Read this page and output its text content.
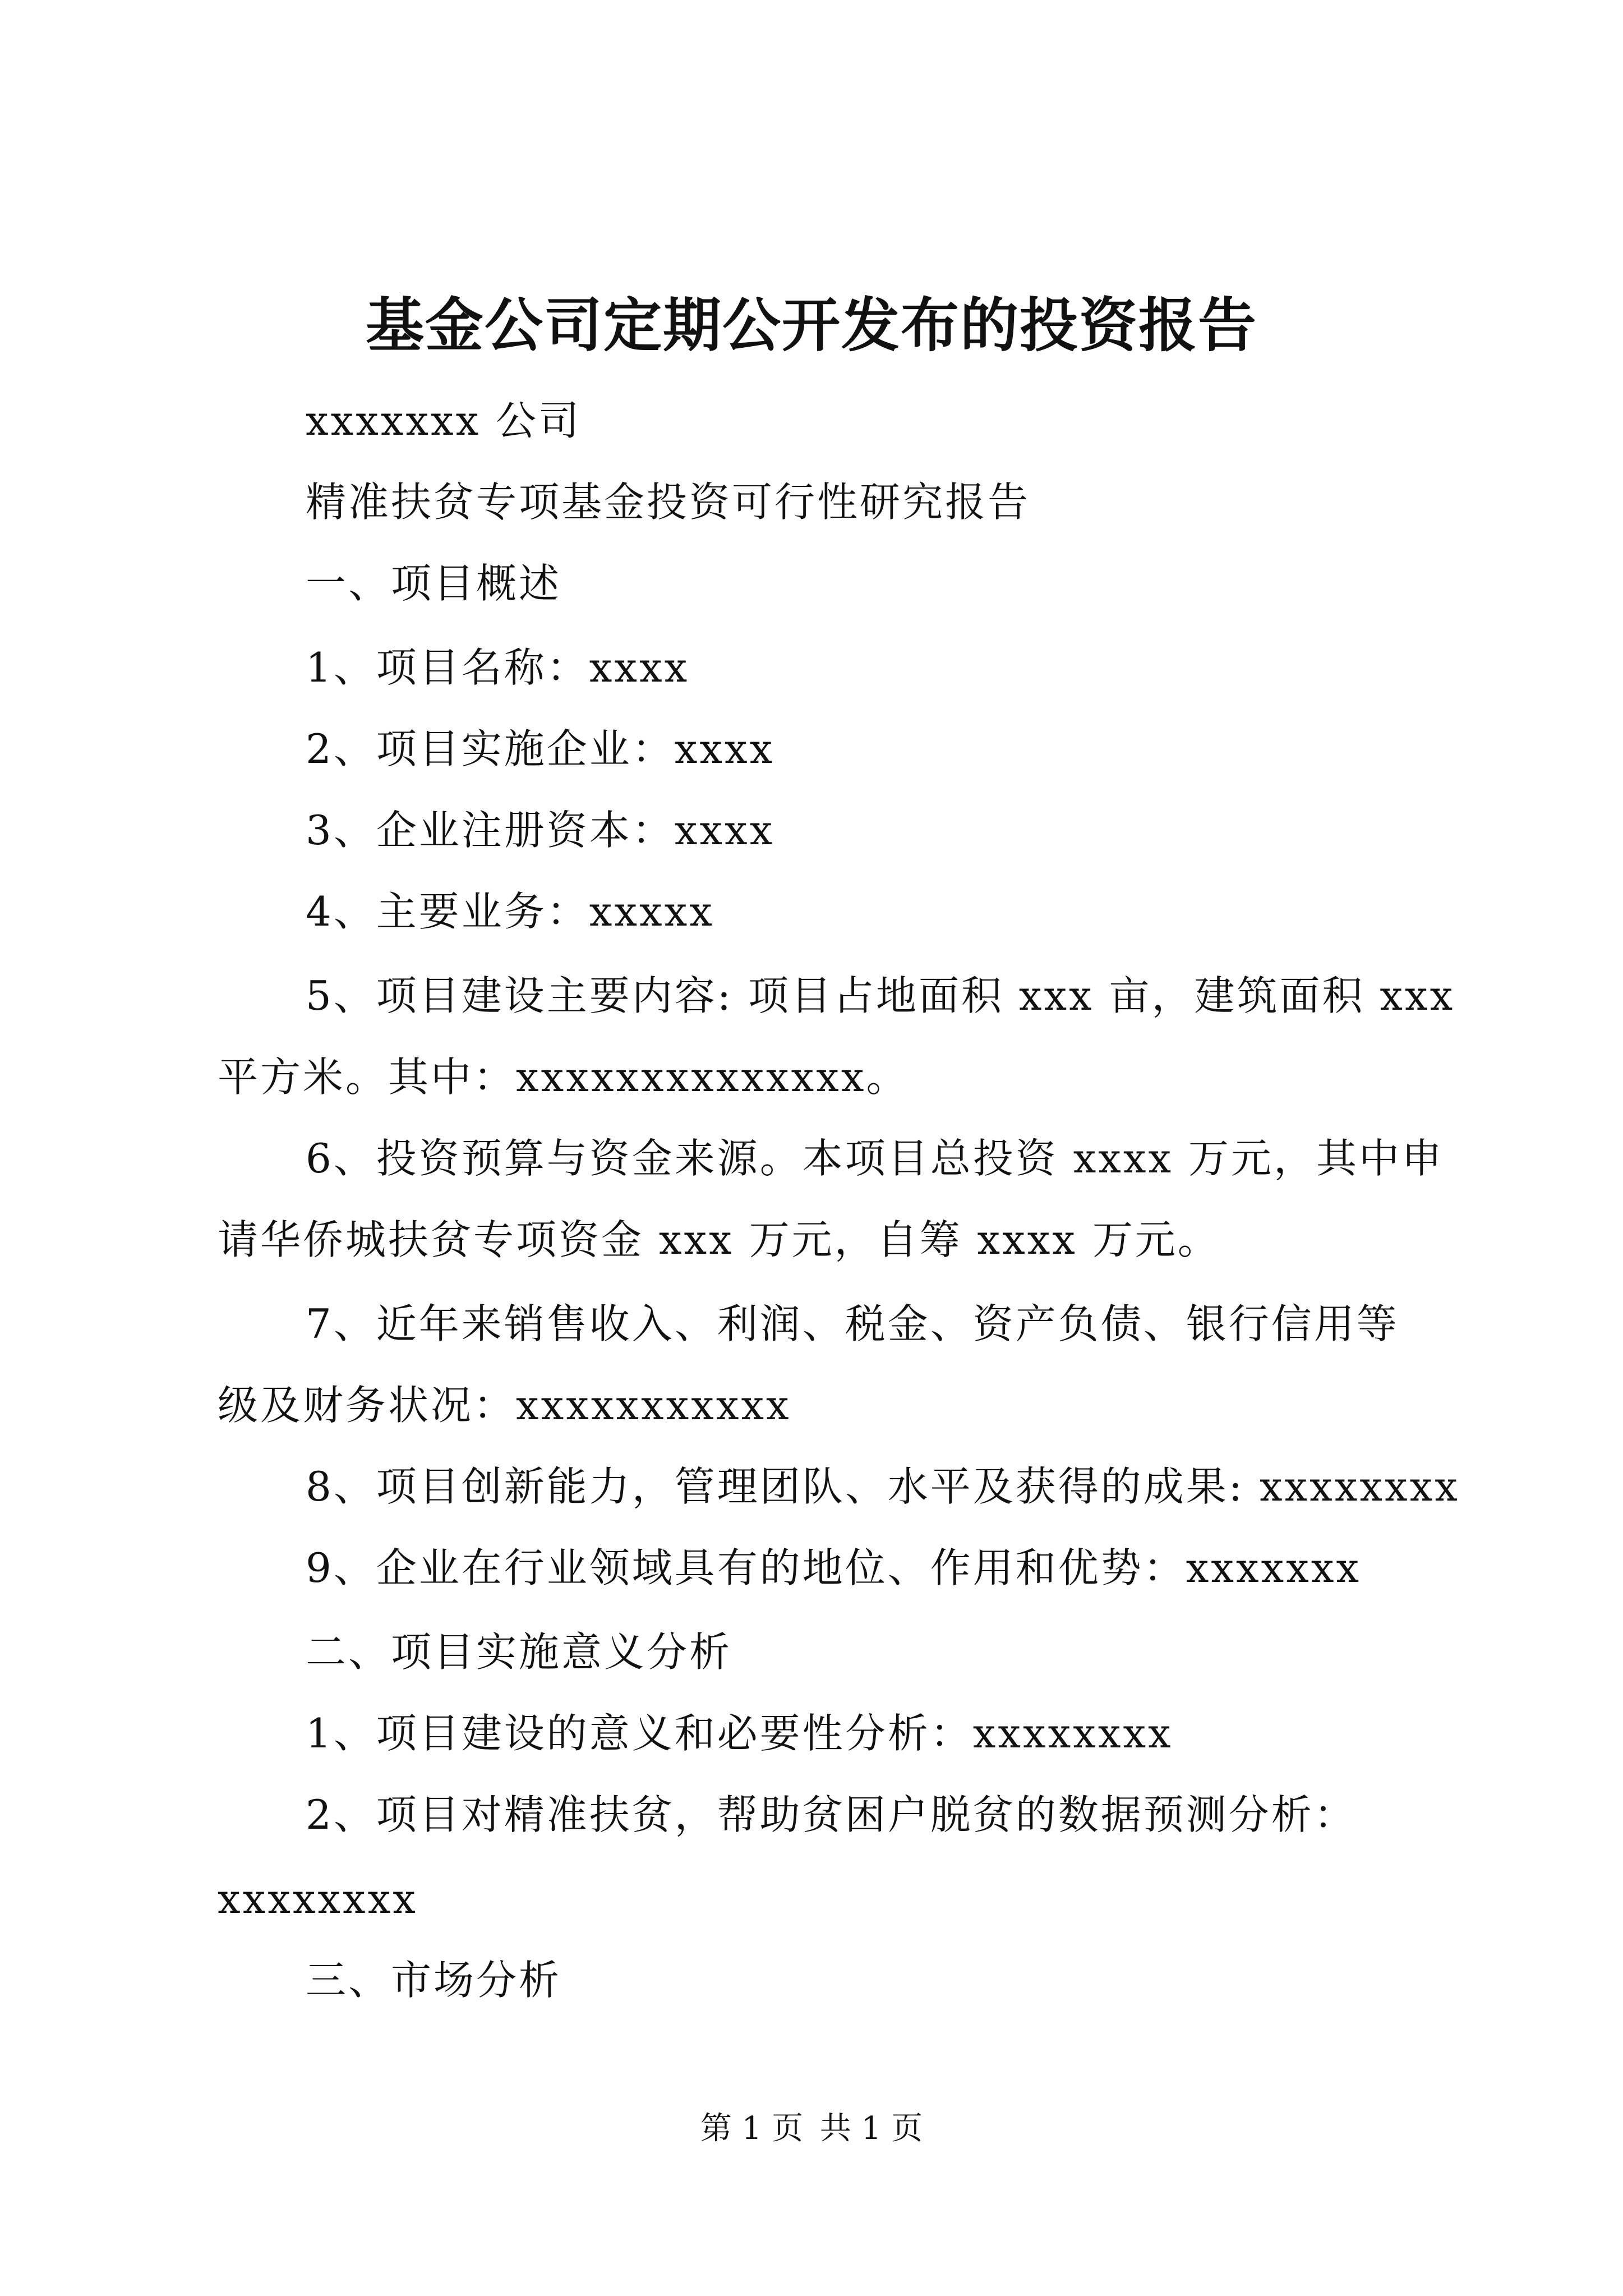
基金公司定期公开发布的投资报告
xxxxxxx 公司
精准扶贫专项基金投资可行性研究报告
一、项目概述
1、项目名称：xxxx
2、项目实施企业：xxxx
3、企业注册资本：xxxx
4、主要业务：xxxxx
5、项目建设主要内容: 项目占地面积 xxx 亩，建筑面积 xxx
平方米。其中：xxxxxxxxxxxxxx。
6、投资预算与资金来源。本项目总投资 xxxx 万元，其中申
请华侨城扶贫专项资金 xxx 万元，自筹 xxxx 万元。
7、近年来销售收入、利润、税金、资产负债、银行信用等
级及财务状况：xxxxxxxxxxx
8、项目创新能力，管理团队、水平及获得的成果: xxxxxxxx
9、企业在行业领域具有的地位、作用和优势：xxxxxxx
二、项目实施意义分析
1、项目建设的意义和必要性分析：xxxxxxxx
2、项目对精准扶贫，帮助贫困户脱贫的数据预测分析：
xxxxxxxx
三、市场分析
第 1 页 共 1 页
